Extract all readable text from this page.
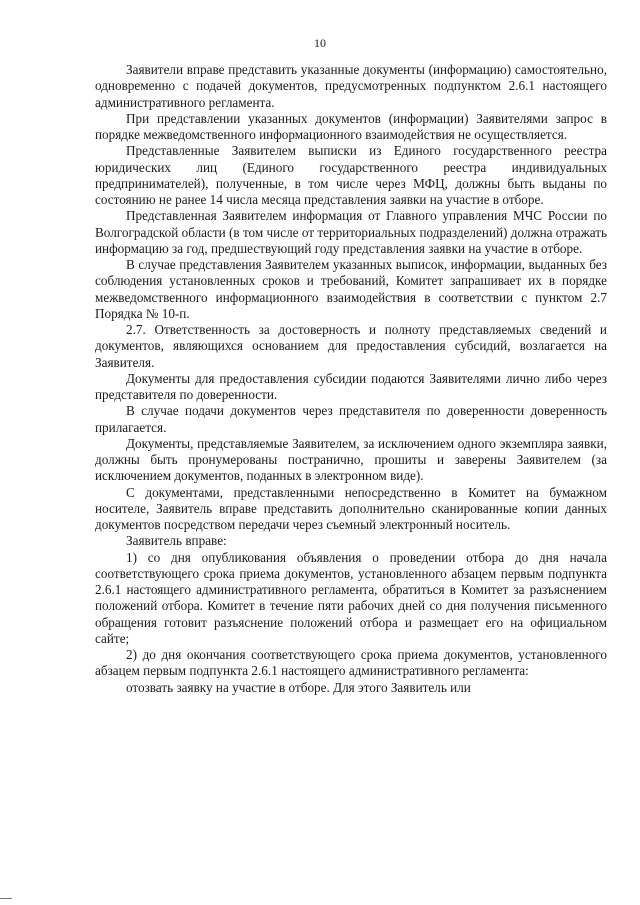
10

Заявители вправе представить указанные документы (информацию) самостоятельно, одновременно с подачей документов, предусмотренных подпунктом 2.6.1 настоящего административного регламента.

При представлении указанных документов (информации) Заявителями запрос в порядке межведомственного информационного взаимодействия не осуществляется.

Представленные Заявителем выписки из Единого государственного реестра юридических лиц (Единого государственного реестра индивидуальных предпринимателей), полученные, в том числе через МФЦ, должны быть выданы по состоянию не ранее 14 числа месяца представления заявки на участие в отборе.

Представленная Заявителем информация от Главного управления МЧС России по Волгоградской области (в том числе от территориальных подразделений) должна отражать информацию за год, предшествующий году представления заявки на участие в отборе.

В случае представления Заявителем указанных выписок, информации, выданных без соблюдения установленных сроков и требований, Комитет запрашивает их в порядке межведомственного информационного взаимодействия в соответствии с пунктом 2.7 Порядка № 10-п.

2.7. Ответственность за достоверность и полноту представляемых сведений и документов, являющихся основанием для предоставления субсидий, возлагается на Заявителя.

Документы для предоставления субсидии подаются Заявителями лично либо через представителя по доверенности.

В случае подачи документов через представителя по доверенности доверенность прилагается.

Документы, представляемые Заявителем, за исключением одного экземпляра заявки, должны быть пронумерованы постранично, прошиты и заверены Заявителем (за исключением документов, поданных в электронном виде).

С документами, представленными непосредственно в Комитет на бумажном носителе, Заявитель вправе представить дополнительно сканированные копии данных документов посредством передачи через съемный электронный носитель.

Заявитель вправе:

1) со дня опубликования объявления о проведении отбора до дня начала соответствующего срока приема документов, установленного абзацем первым подпункта 2.6.1 настоящего административного регламента, обратиться в Комитет за разъяснением положений отбора. Комитет в течение пяти рабочих дней со дня получения письменного обращения готовит разъяснение положений отбора и размещает его на официальном сайте;

2) до дня окончания соответствующего срока приема документов, установленного абзацем первым подпункта 2.6.1 настоящего административного регламента:

отозвать заявку на участие в отборе. Для этого Заявитель или
